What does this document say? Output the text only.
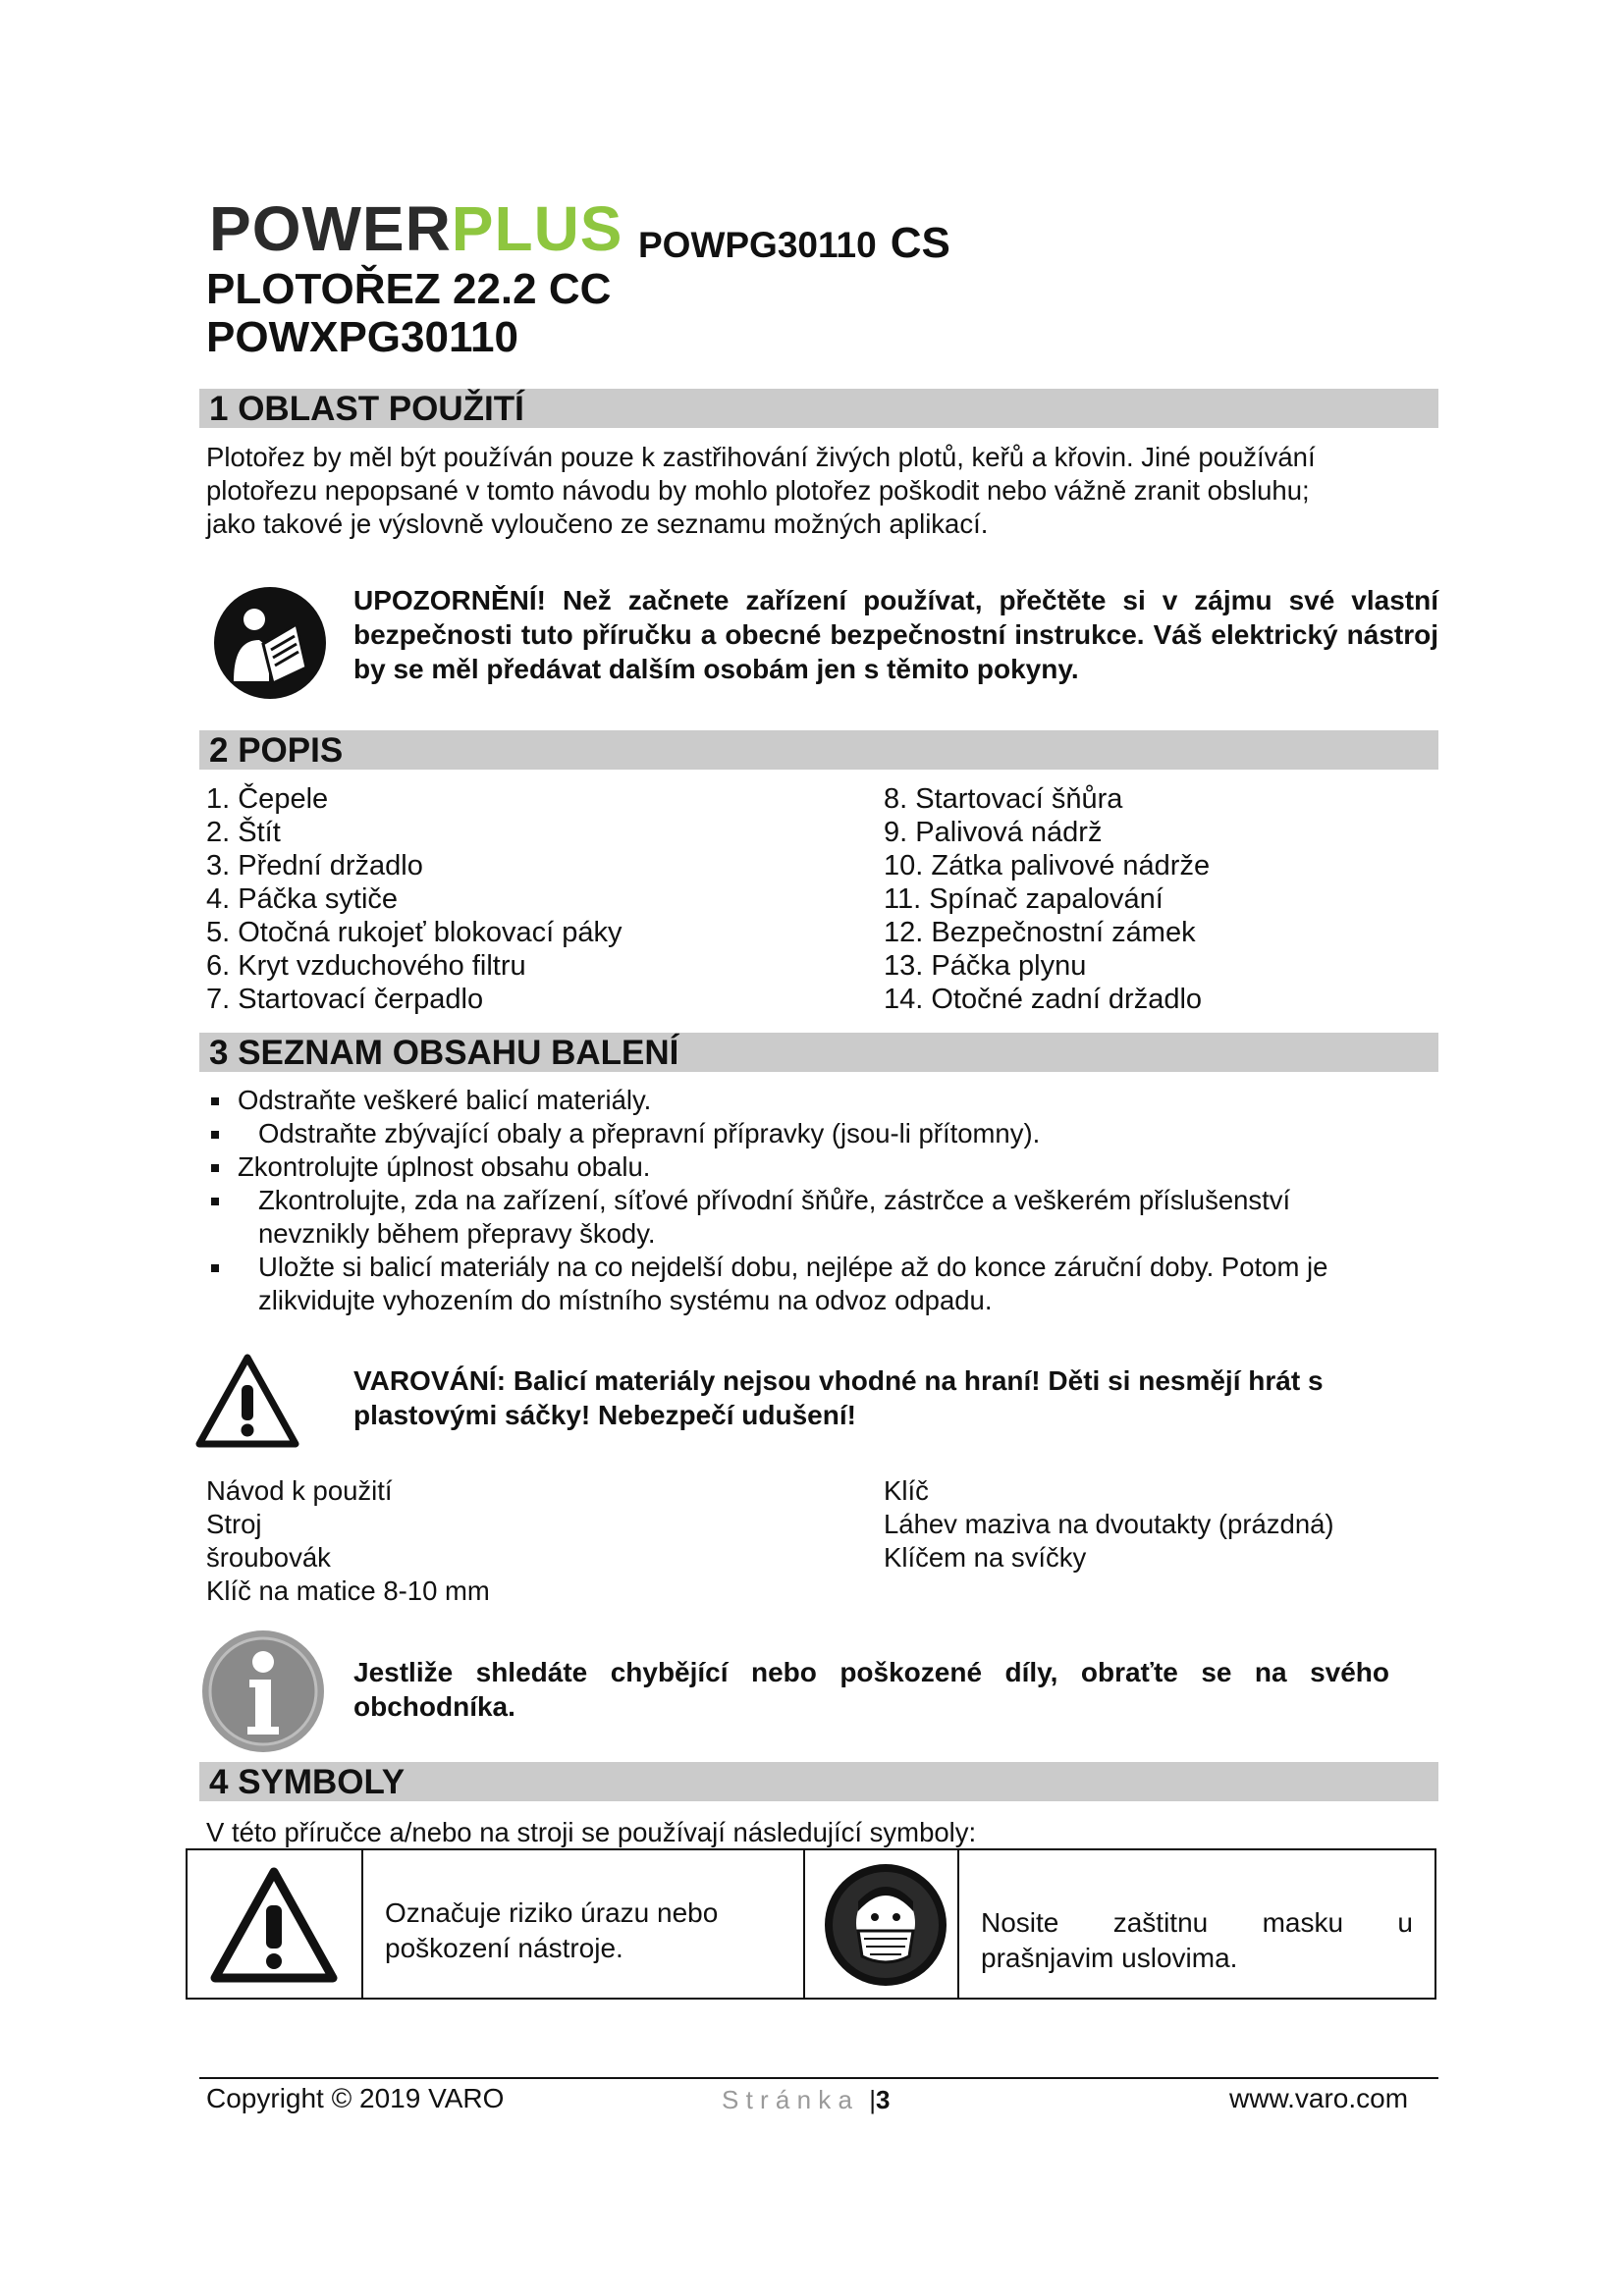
POWERPLUS POWPG30110 CS
PLOTOŘEZ 22.2 CC
POWXPG30110
1 OBLAST POUŽITÍ
Plotořez by měl být používán pouze k zastřihování živých plotů, keřů a křovin. Jiné používání
plotořezu nepopsané v tomto návodu by mohlo plotořez poškodit nebo vážně zranit obsluhu;
jako takové je výslovně vyloučeno ze seznamu možných aplikací.
UPOZORNĚNÍ! Než začnete zařízení používat, přečtěte si v zájmu své vlastní bezpečnosti tuto příručku a obecné bezpečnostní instrukce. Váš elektrický nástroj by se měl předávat dalším osobám jen s těmito pokyny.
2 POPIS
1. Čepele
2. Štít
3. Přední držadlo
4. Páčka sytiče
5. Otočná rukojeť blokovací páky
6. Kryt vzduchového filtru
7. Startovací čerpadlo
8. Startovací šňůra
9. Palivová nádrž
10. Zátka palivové nádrže
11. Spínač zapalování
12. Bezpečnostní zámek
13. Páčka plynu
14. Otočné zadní držadlo
3 SEZNAM OBSAHU BALENÍ
Odstraňte veškeré balicí materiály.
Odstraňte zbývající obaly a přepravní přípravky (jsou-li přítomny).
Zkontrolujte úplnost obsahu obalu.
Zkontrolujte, zda na zařízení, síťové přívodní šňůře, zástrčce a veškerém příslušenství nevznikly během přepravy škody.
Uložte si balicí materiály na co nejdelší dobu, nejlépe až do konce záruční doby. Potom je zlikvidujte vyhozením do místního systému na odvoz odpadu.
VAROVÁNÍ: Balicí materiály nejsou vhodné na hraní! Děti si nesmějí hrát s plastovými sáčky! Nebezpečí udušení!
Návod k použití
Stroj
šroubovák
Klíč na matice 8-10 mm
Klíč
Láhev maziva na dvoutakty (prázdná)
Klíčem na svíčky
Jestliže shledáte chybějící nebo poškozené díly, obraťte se na svého obchodníka.
4 SYMBOLY
V této příručce a/nebo na stroji se používají následující symboly:
Označuje riziko úrazu nebo poškození nástroje.
Nosite zaštitnu masku u prašnjavim uslovima.
Copyright © 2019 VARO	S t r á n k a |3	www.varo.com
